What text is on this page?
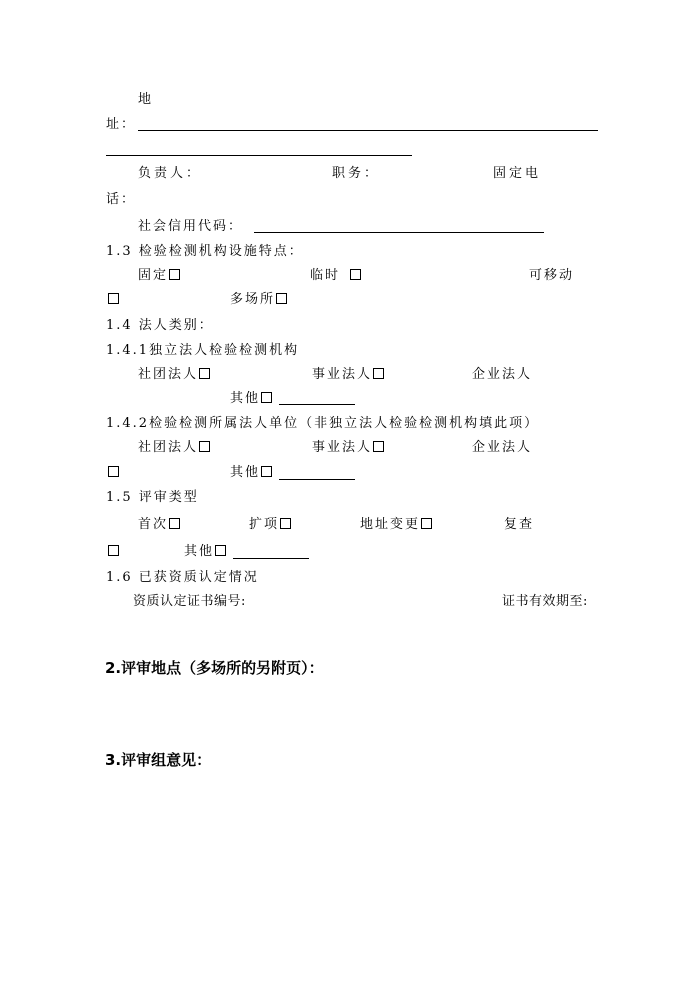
地
址：
负责人：	职务：	固定电
话：
社会信用代码：
1.3 检验检测机构设施特点：
固定	临时	可移动
多场所
1.4 法人类别：
1.4.1独立法人检验检测机构
社团法人	事业法人	企业法人
其他
1.4.2检验检测所属法人单位（非独立法人检验检测机构填此项）
社团法人	事业法人	企业法人
其他
1.5 评审类型
首次	扩项	地址变更	复查
其他
1.6 已获资质认定情况
资质认定证书编号:	证书有效期至:
2.评审地点（多场所的另附页）：
3.评审组意见：
